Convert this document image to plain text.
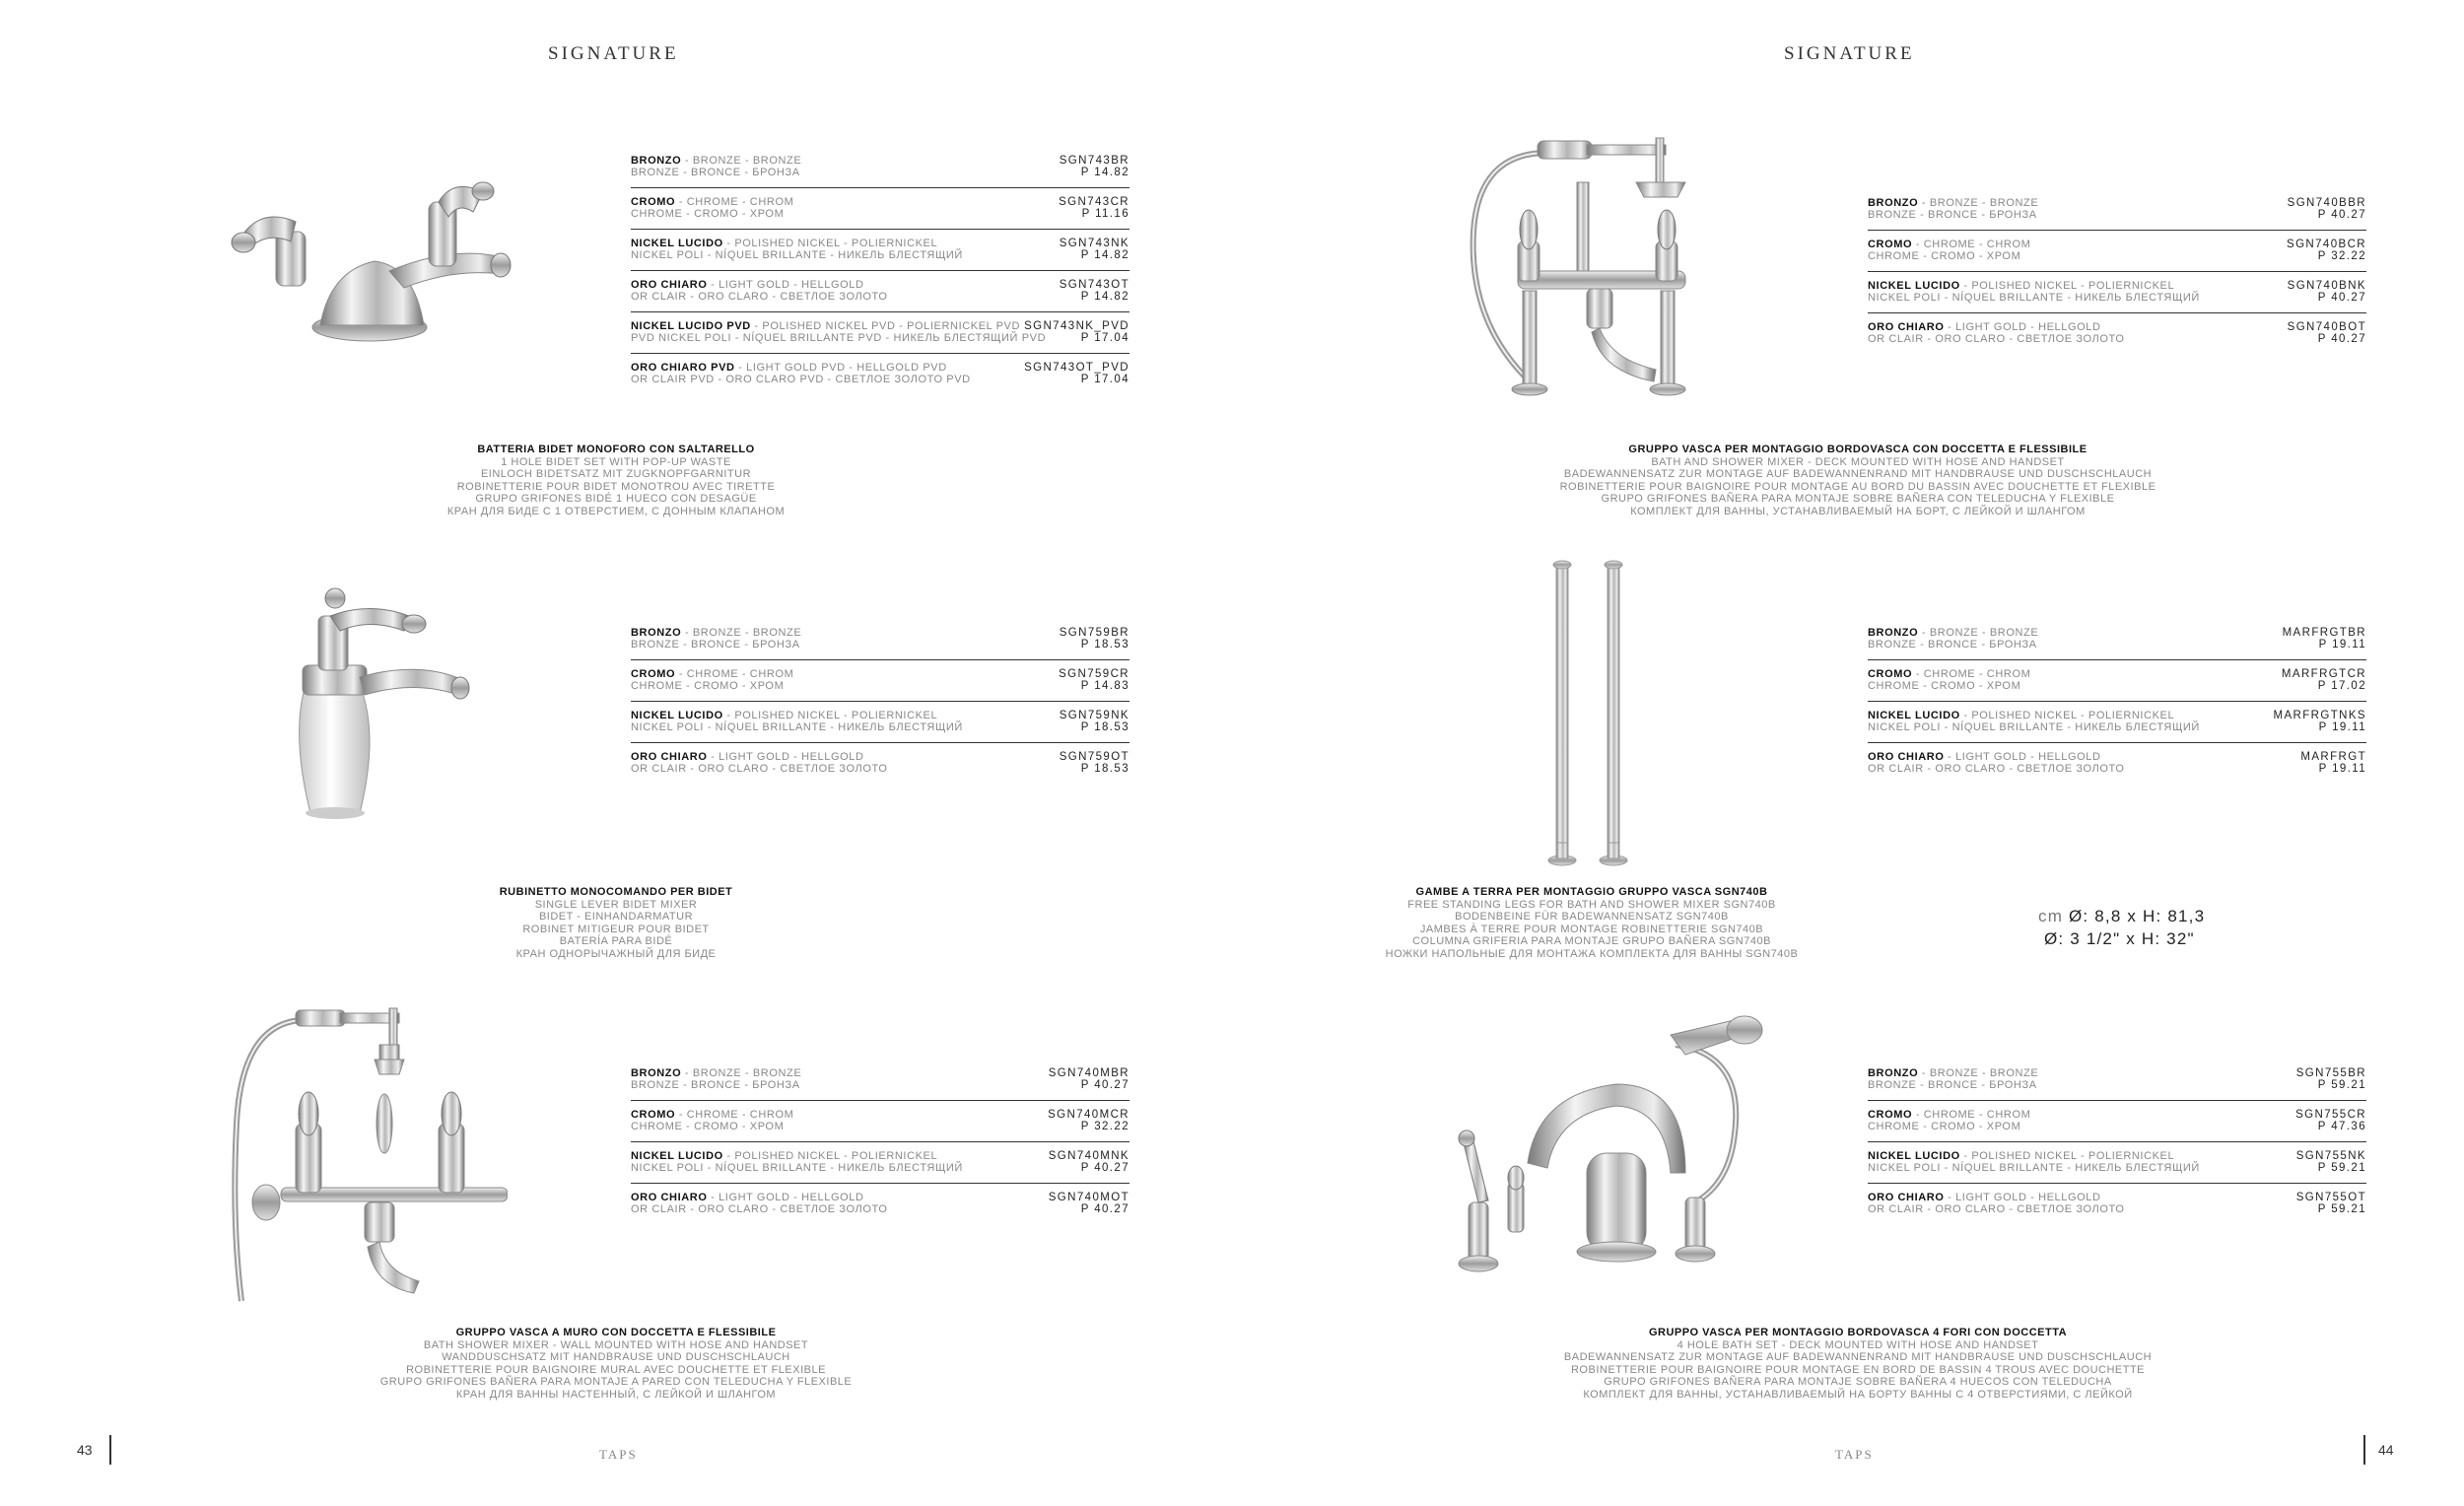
SIGNATURE
BRONZO - BRONZE - BRONZE
BRONZE - BRONCE - БРОНЗА
SGN743BR
P 14.82
CROMO - CHROME - CHROM
CHROME - CROMO - ХРОМ
SGN743CR
P 11.16
NICKEL LUCIDO - POLISHED NICKEL - POLIERNICKEL
NICKEL POLI - NÍQUEL BRILLANTE - НИКЕЛЬ БЛЕСТЯЩИЙ
SGN743NK
P 14.82
ORO CHIARO - LIGHT GOLD - HELLGOLD
OR CLAIR - ORO CLARO - СВЕТЛОЕ ЗОЛОТО
SGN743OT
P 14.82
NICKEL LUCIDO PVD - POLISHED NICKEL PVD - POLIERNICKEL PVD
PVD NICKEL POLI - NÍQUEL BRILLANTE PVD - НИКЕЛЬ БЛЕСТЯЩИЙ PVD
SGN743NK_PVD
P 17.04
ORO CHIARO PVD - LIGHT GOLD PVD - HELLGOLD PVD
OR CLAIR PVD - ORO CLARO PVD - СВЕТЛОЕ ЗОЛОТО PVD
SGN743OT_PVD
P 17.04
BATTERIA BIDET MONOFORO CON SALTARELLO
1 HOLE BIDET SET WITH POP-UP WASTE
EINLOCH BIDETSATZ MIT ZUGKNOPFGARNITUR
ROBINETTERIE POUR BIDET MONOTROU AVEC TIRETTE
GRUPO GRIFONES BIDÉ 1 HUECO CON DESAGÜE
КРАН ДЛЯ БИДЕ С 1 ОТВЕРСТИЕМ, С ДОННЫМ КЛАПАНОМ
BRONZO - BRONZE - BRONZE
BRONZE - BRONCE - БРОНЗА
SGN759BR
P 18.53
CROMO - CHROME - CHROM
CHROME - CROMO - ХРОМ
SGN759CR
P 14.83
NICKEL LUCIDO - POLISHED NICKEL - POLIERNICKEL
NICKEL POLI - NÍQUEL BRILLANTE - НИКЕЛЬ БЛЕСТЯЩИЙ
SGN759NK
P 18.53
ORO CHIARO - LIGHT GOLD - HELLGOLD
OR CLAIR - ORO CLARO - СВЕТЛОЕ ЗОЛОТО
SGN759OT
P 18.53
RUBINETTO MONOCOMANDO PER BIDET
SINGLE LEVER BIDET MIXER
BIDET - EINHANDARMATUR
ROBINET MITIGEUR POUR BIDET
BATERÍA PARA BIDÉ
КРАН ОДНОРЫЧАЖНЫЙ ДЛЯ БИДЕ
BRONZO - BRONZE - BRONZE
BRONZE - BRONCE - БРОНЗА
SGN740MBR
P 40.27
CROMO - CHROME - CHROM
CHROME - CROMO - ХРОМ
SGN740MCR
P 32.22
NICKEL LUCIDO - POLISHED NICKEL - POLIERNICKEL
NICKEL POLI - NÍQUEL BRILLANTE - НИКЕЛЬ БЛЕСТЯЩИЙ
SGN740MNK
P 40.27
ORO CHIARO - LIGHT GOLD - HELLGOLD
OR CLAIR - ORO CLARO - СВЕТЛОЕ ЗОЛОТО
SGN740MOT
P 40.27
GRUPPO VASCA A MURO CON DOCCETTA E FLESSIBILE
BATH SHOWER MIXER - WALL MOUNTED WITH HOSE AND HANDSET
WANDDUSCHSATZ MIT HANDBRAUSE UND DUSCHSCHLAUCH
ROBINETTERIE POUR BAIGNOIRE MURAL AVEC DOUCHETTE ET FLEXIBLE
GRUPO GRIFONES BAÑERA PARA MONTAJE A PARED CON TELEDUCHA Y FLEXIBLE
КРАН ДЛЯ ВАННЫ НАСТЕННЫЙ, С ЛЕЙКОЙ И ШЛАНГОМ
43	TAPS
SIGNATURE
BRONZO - BRONZE - BRONZE
BRONZE - BRONCE - БРОНЗА
SGN740BBR
P 40.27
CROMO - CHROME - CHROM
CHROME - CROMO - ХРОМ
SGN740BCR
P 32.22
NICKEL LUCIDO - POLISHED NICKEL - POLIERNICKEL
NICKEL POLI - NÍQUEL BRILLANTE - НИКЕЛЬ БЛЕСТЯЩИЙ
SGN740BNK
P 40.27
ORO CHIARO - LIGHT GOLD - HELLGOLD
OR CLAIR - ORO CLARO - СВЕТЛОЕ ЗОЛОТО
SGN740BOT
P 40.27
GRUPPO VASCA PER MONTAGGIO BORDOVASCA CON DOCCETTA E FLESSIBILE
BATH AND SHOWER MIXER - DECK MOUNTED WITH HOSE AND HANDSET
BADEWANNENSATZ ZUR MONTAGE AUF BADEWANNENRAND MIT HANDBRAUSE UND DUSCHSCHLAUCH
ROBINETTERIE POUR BAIGNOIRE POUR MONTAGE AU BORD DU BASSIN AVEC DOUCHETTE ET FLEXIBLE
GRUPO GRIFONES BAÑERA PARA MONTAJE SOBRE BAÑERA CON TELEDUCHA Y FLEXIBLE
КОМПЛЕКТ ДЛЯ ВАННЫ, УСТАНАВЛИВАЕМЫЙ НА БОРТ, С ЛЕЙКОЙ И ШЛАНГОМ
BRONZO - BRONZE - BRONZE
BRONZE - BRONCE - БРОНЗА
MARFRGTBR
P 19.11
CROMO - CHROME - CHROM
CHROME - CROMO - ХРОМ
MARFRGTCR
P 17.02
NICKEL LUCIDO - POLISHED NICKEL - POLIERNICKEL
NICKEL POLI - NÍQUEL BRILLANTE - НИКЕЛЬ БЛЕСТЯЩИЙ
MARFRGTNKS
P 19.11
ORO CHIARO - LIGHT GOLD - HELLGOLD
OR CLAIR - ORO CLARO - СВЕТЛОЕ ЗОЛОТО
MARFRGT
P 19.11
GAMBE A TERRA PER MONTAGGIO GRUPPO VASCA SGN740B
FREE STANDING LEGS FOR BATH AND SHOWER MIXER SGN740B
BODENBEINE FÜR BADEWANNENSATZ SGN740B
JAMBES À TERRE POUR MONTAGE ROBINETTERIE SGN740B
COLUMNA GRIFERIA PARA MONTAJE GRUPO BAÑERA SGN740B
НОЖКИ НАПОЛЬНЫЕ ДЛЯ МОНТАЖА КОМПЛЕКТА ДЛЯ ВАННЫ SGN740B
cm Ø: 8,8 x H: 81,3
Ø: 3 1/2" x H: 32"
BRONZO - BRONZE - BRONZE
BRONZE - BRONCE - БРОНЗА
SGN755BR
P 59.21
CROMO - CHROME - CHROM
CHROME - CROMO - ХРОМ
SGN755CR
P 47.36
NICKEL LUCIDO - POLISHED NICKEL - POLIERNICKEL
NICKEL POLI - NÍQUEL BRILLANTE - НИКЕЛЬ БЛЕСТЯЩИЙ
SGN755NK
P 59.21
ORO CHIARO - LIGHT GOLD - HELLGOLD
OR CLAIR - ORO CLARO - СВЕТЛОЕ ЗОЛОТО
SGN755OT
P 59.21
GRUPPO VASCA PER MONTAGGIO BORDOVASCA 4 FORI CON DOCCETTA
4 HOLE BATH SET - DECK MOUNTED WITH HOSE AND HANDSET
BADEWANNENSATZ ZUR MONTAGE AUF BADEWANNENRAND MIT HANDBRAUSE UND DUSCHSCHLAUCH
ROBINETTERIE POUR BAIGNOIRE POUR MONTAGE EN BORD DE BASSIN 4 TROUS AVEC DOUCHETTE
GRUPO GRIFONES BAÑERA PARA MONTAJE SOBRE BAÑERA 4 HUECOS CON TELEDUCHA
КОМПЛЕКТ ДЛЯ ВАННЫ, УСТАНАВЛИВАЕМЫЙ НА БОРТУ ВАННЫ С 4 ОТВЕРСТИЯМИ, С ЛЕЙКОЙ
TAPS	44
